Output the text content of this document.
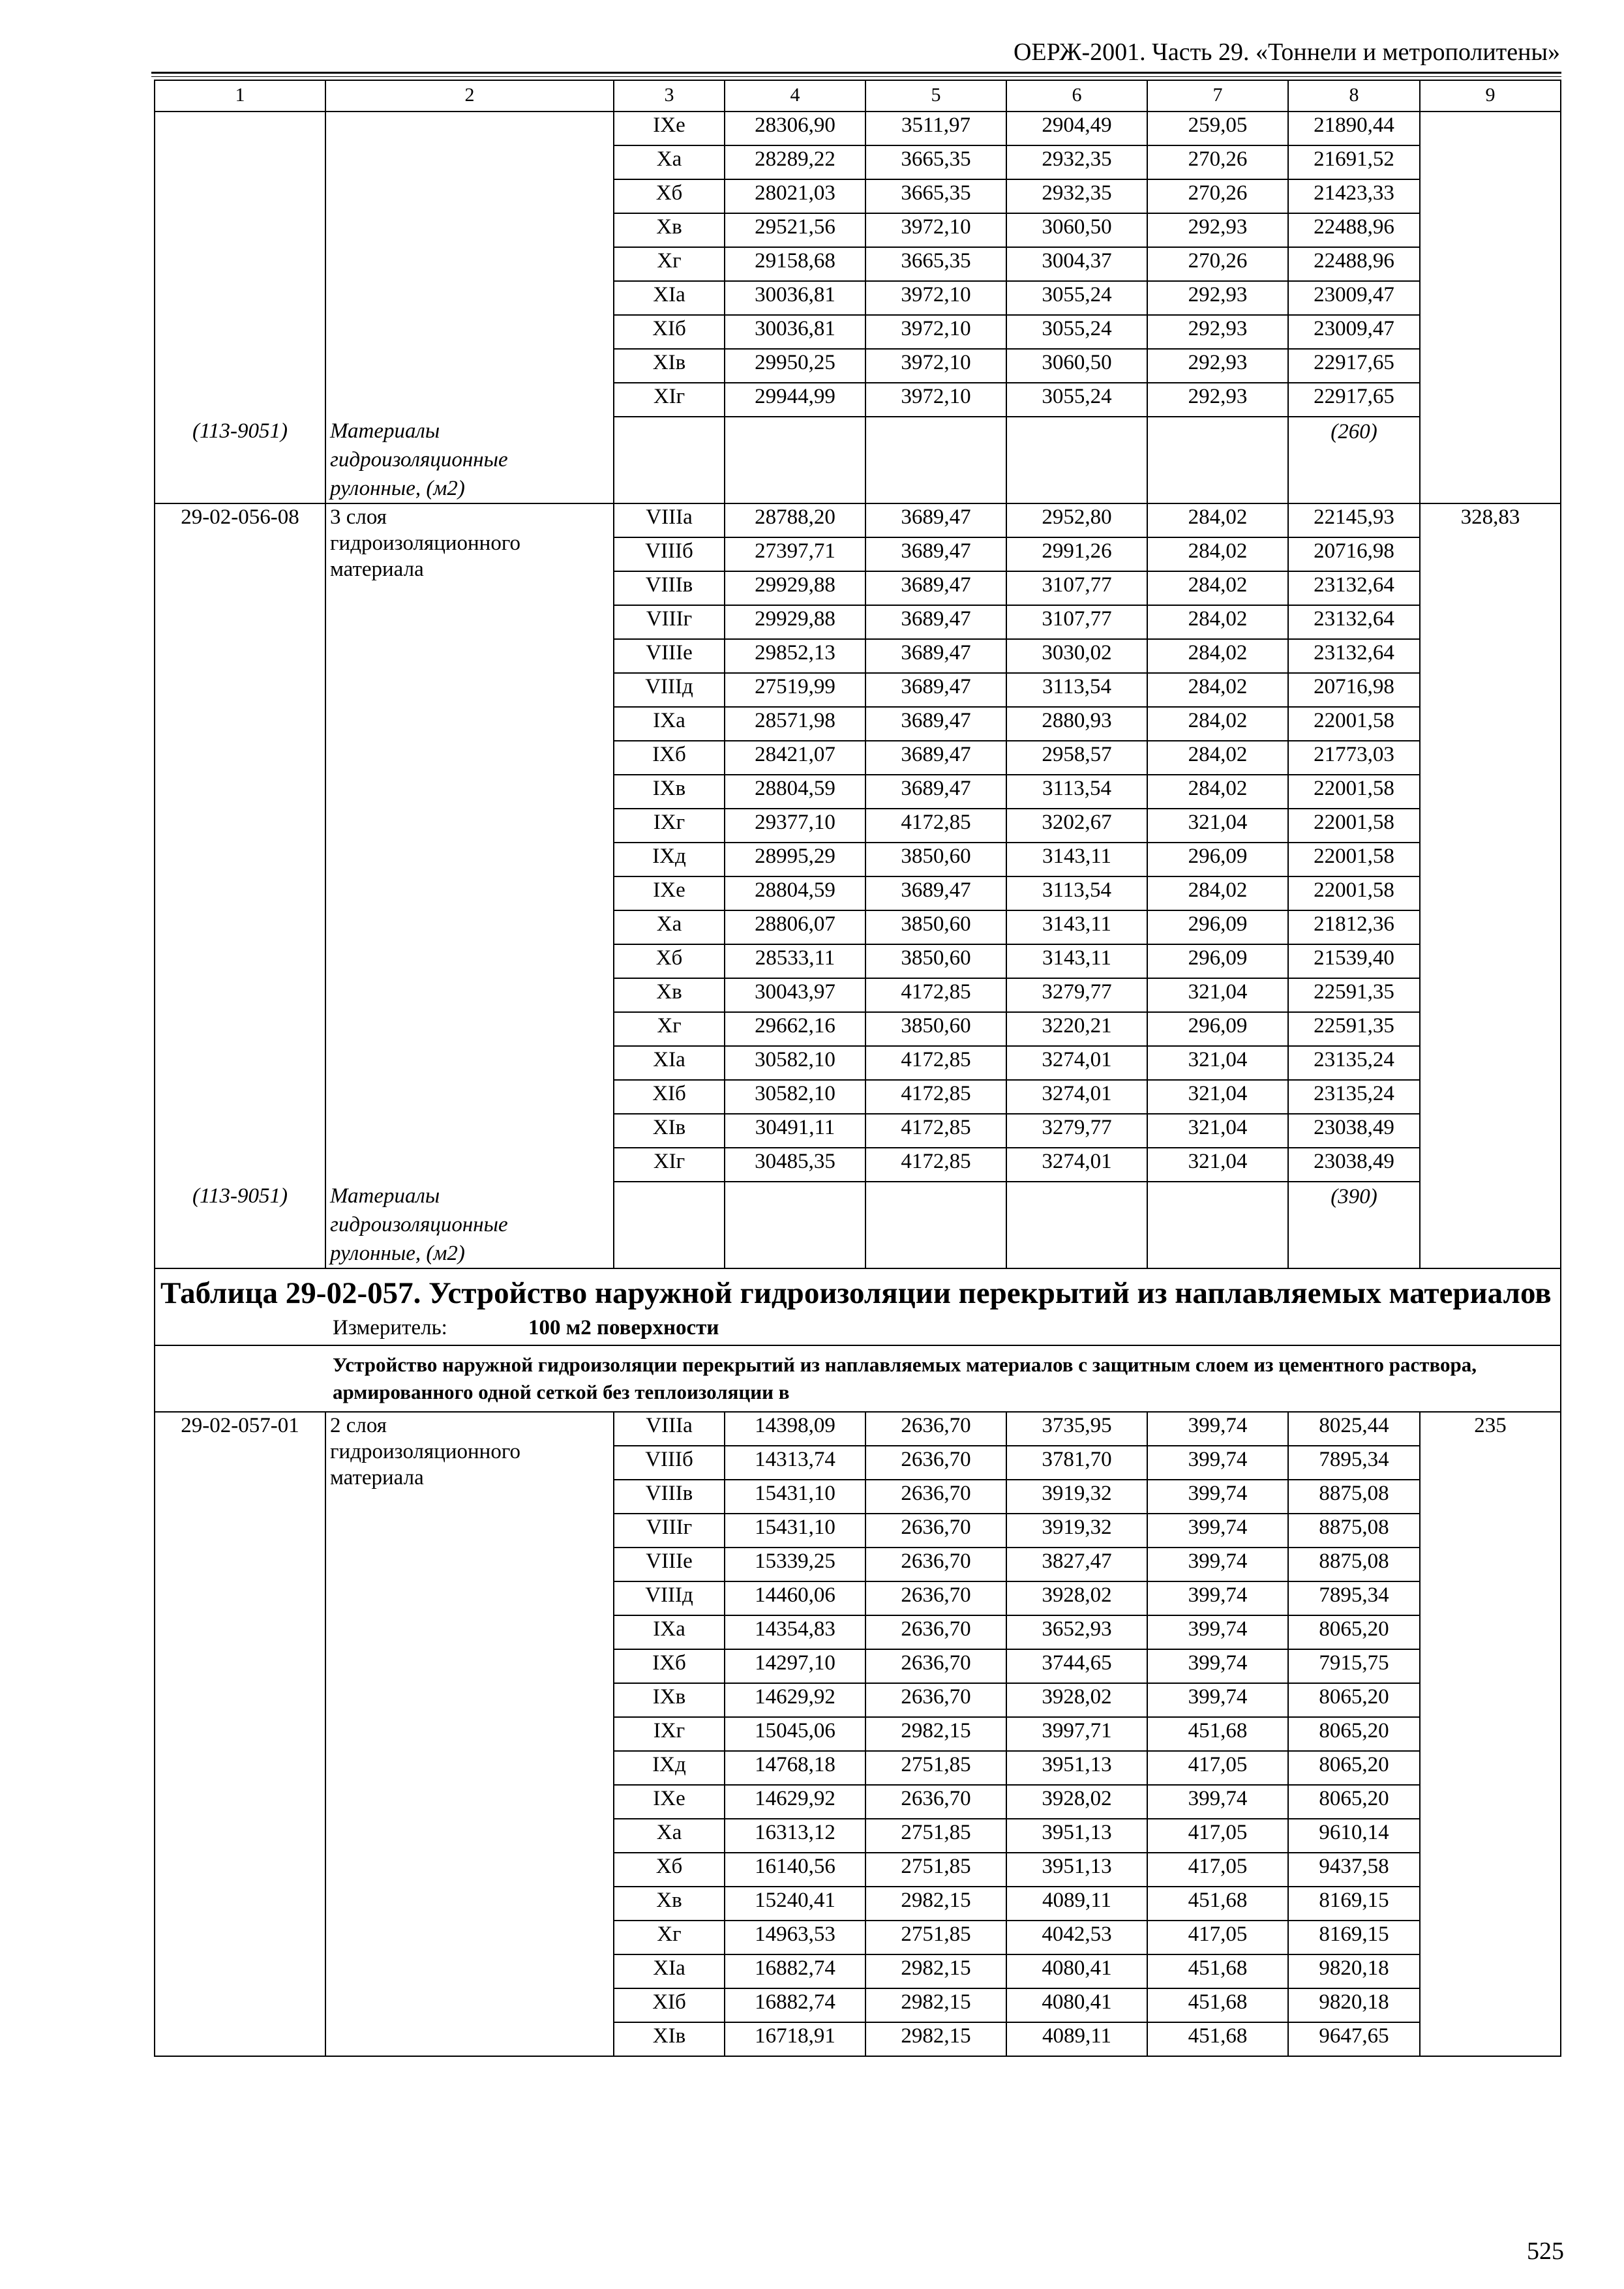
ОЕРЖ-2001. Часть 29. «Тоннели и метрополитены»
1	2	3	4	5	6	7	8	9
		IXе	28306,90	3511,97	2904,49	259,05	21890,44	
		Xа	28289,22	3665,35	2932,35	270,26	21691,52	
		Xб	28021,03	3665,35	2932,35	270,26	21423,33	
		Xв	29521,56	3972,10	3060,50	292,93	22488,96	
		Xг	29158,68	3665,35	3004,37	270,26	22488,96	
		XIа	30036,81	3972,10	3055,24	292,93	23009,47	
		XIб	30036,81	3972,10	3055,24	292,93	23009,47	
		XIв	29950,25	3972,10	3060,50	292,93	22917,65	
		XIг	29944,99	3972,10	3055,24	292,93	22917,65	
(113-9051)	Материалы
гидроизоляционные
рулонные, (м2)						(260)	
29-02-056-08	3 слоя
гидроизоляционного
материала	VIIIа	28788,20	3689,47	2952,80	284,02	22145,93	328,83
		VIIIб	27397,71	3689,47	2991,26	284,02	20716,98	
		VIIIв	29929,88	3689,47	3107,77	284,02	23132,64	
		VIIIг	29929,88	3689,47	3107,77	284,02	23132,64	
		VIIIе	29852,13	3689,47	3030,02	284,02	23132,64	
		VIIIд	27519,99	3689,47	3113,54	284,02	20716,98	
		IXа	28571,98	3689,47	2880,93	284,02	22001,58	
		IXб	28421,07	3689,47	2958,57	284,02	21773,03	
		IXв	28804,59	3689,47	3113,54	284,02	22001,58	
		IXг	29377,10	4172,85	3202,67	321,04	22001,58	
		IXд	28995,29	3850,60	3143,11	296,09	22001,58	
		IXе	28804,59	3689,47	3113,54	284,02	22001,58	
		Xа	28806,07	3850,60	3143,11	296,09	21812,36	
		Xб	28533,11	3850,60	3143,11	296,09	21539,40	
		Xв	30043,97	4172,85	3279,77	321,04	22591,35	
		Xг	29662,16	3850,60	3220,21	296,09	22591,35	
		XIа	30582,10	4172,85	3274,01	321,04	23135,24	
		XIб	30582,10	4172,85	3274,01	321,04	23135,24	
		XIв	30491,11	4172,85	3279,77	321,04	23038,49	
		XIг	30485,35	4172,85	3274,01	321,04	23038,49	
(113-9051)	Материалы
гидроизоляционные
рулонные, (м2)						(390)	
Таблица 29-02-057. Устройство наружной гидроизоляции перекрытий из наплавляемых материалов								
Измеритель: 100 м2 поверхности								
Устройство наружной гидроизоляции перекрытий из наплавляемых материалов с защитным слоем из цементного раствора, армированного одной сеткой без теплоизоляции в								
29-02-057-01	2 слоя
гидроизоляционного
материала	VIIIа	14398,09	2636,70	3735,95	399,74	8025,44	235
		VIIIб	14313,74	2636,70	3781,70	399,74	7895,34	
		VIIIв	15431,10	2636,70	3919,32	399,74	8875,08	
		VIIIг	15431,10	2636,70	3919,32	399,74	8875,08	
		VIIIе	15339,25	2636,70	3827,47	399,74	8875,08	
		VIIIд	14460,06	2636,70	3928,02	399,74	7895,34	
		IXа	14354,83	2636,70	3652,93	399,74	8065,20	
		IXб	14297,10	2636,70	3744,65	399,74	7915,75	
		IXв	14629,92	2636,70	3928,02	399,74	8065,20	
		IXг	15045,06	2982,15	3997,71	451,68	8065,20	
		IXд	14768,18	2751,85	3951,13	417,05	8065,20	
		IXе	14629,92	2636,70	3928,02	399,74	8065,20	
		Xа	16313,12	2751,85	3951,13	417,05	9610,14	
		Xб	16140,56	2751,85	3951,13	417,05	9437,58	
		Xв	15240,41	2982,15	4089,11	451,68	8169,15	
		Xг	14963,53	2751,85	4042,53	417,05	8169,15	
		XIа	16882,74	2982,15	4080,41	451,68	9820,18	
		XIб	16882,74	2982,15	4080,41	451,68	9820,18	
		XIв	16718,91	2982,15	4089,11	451,68	9647,65	
525
